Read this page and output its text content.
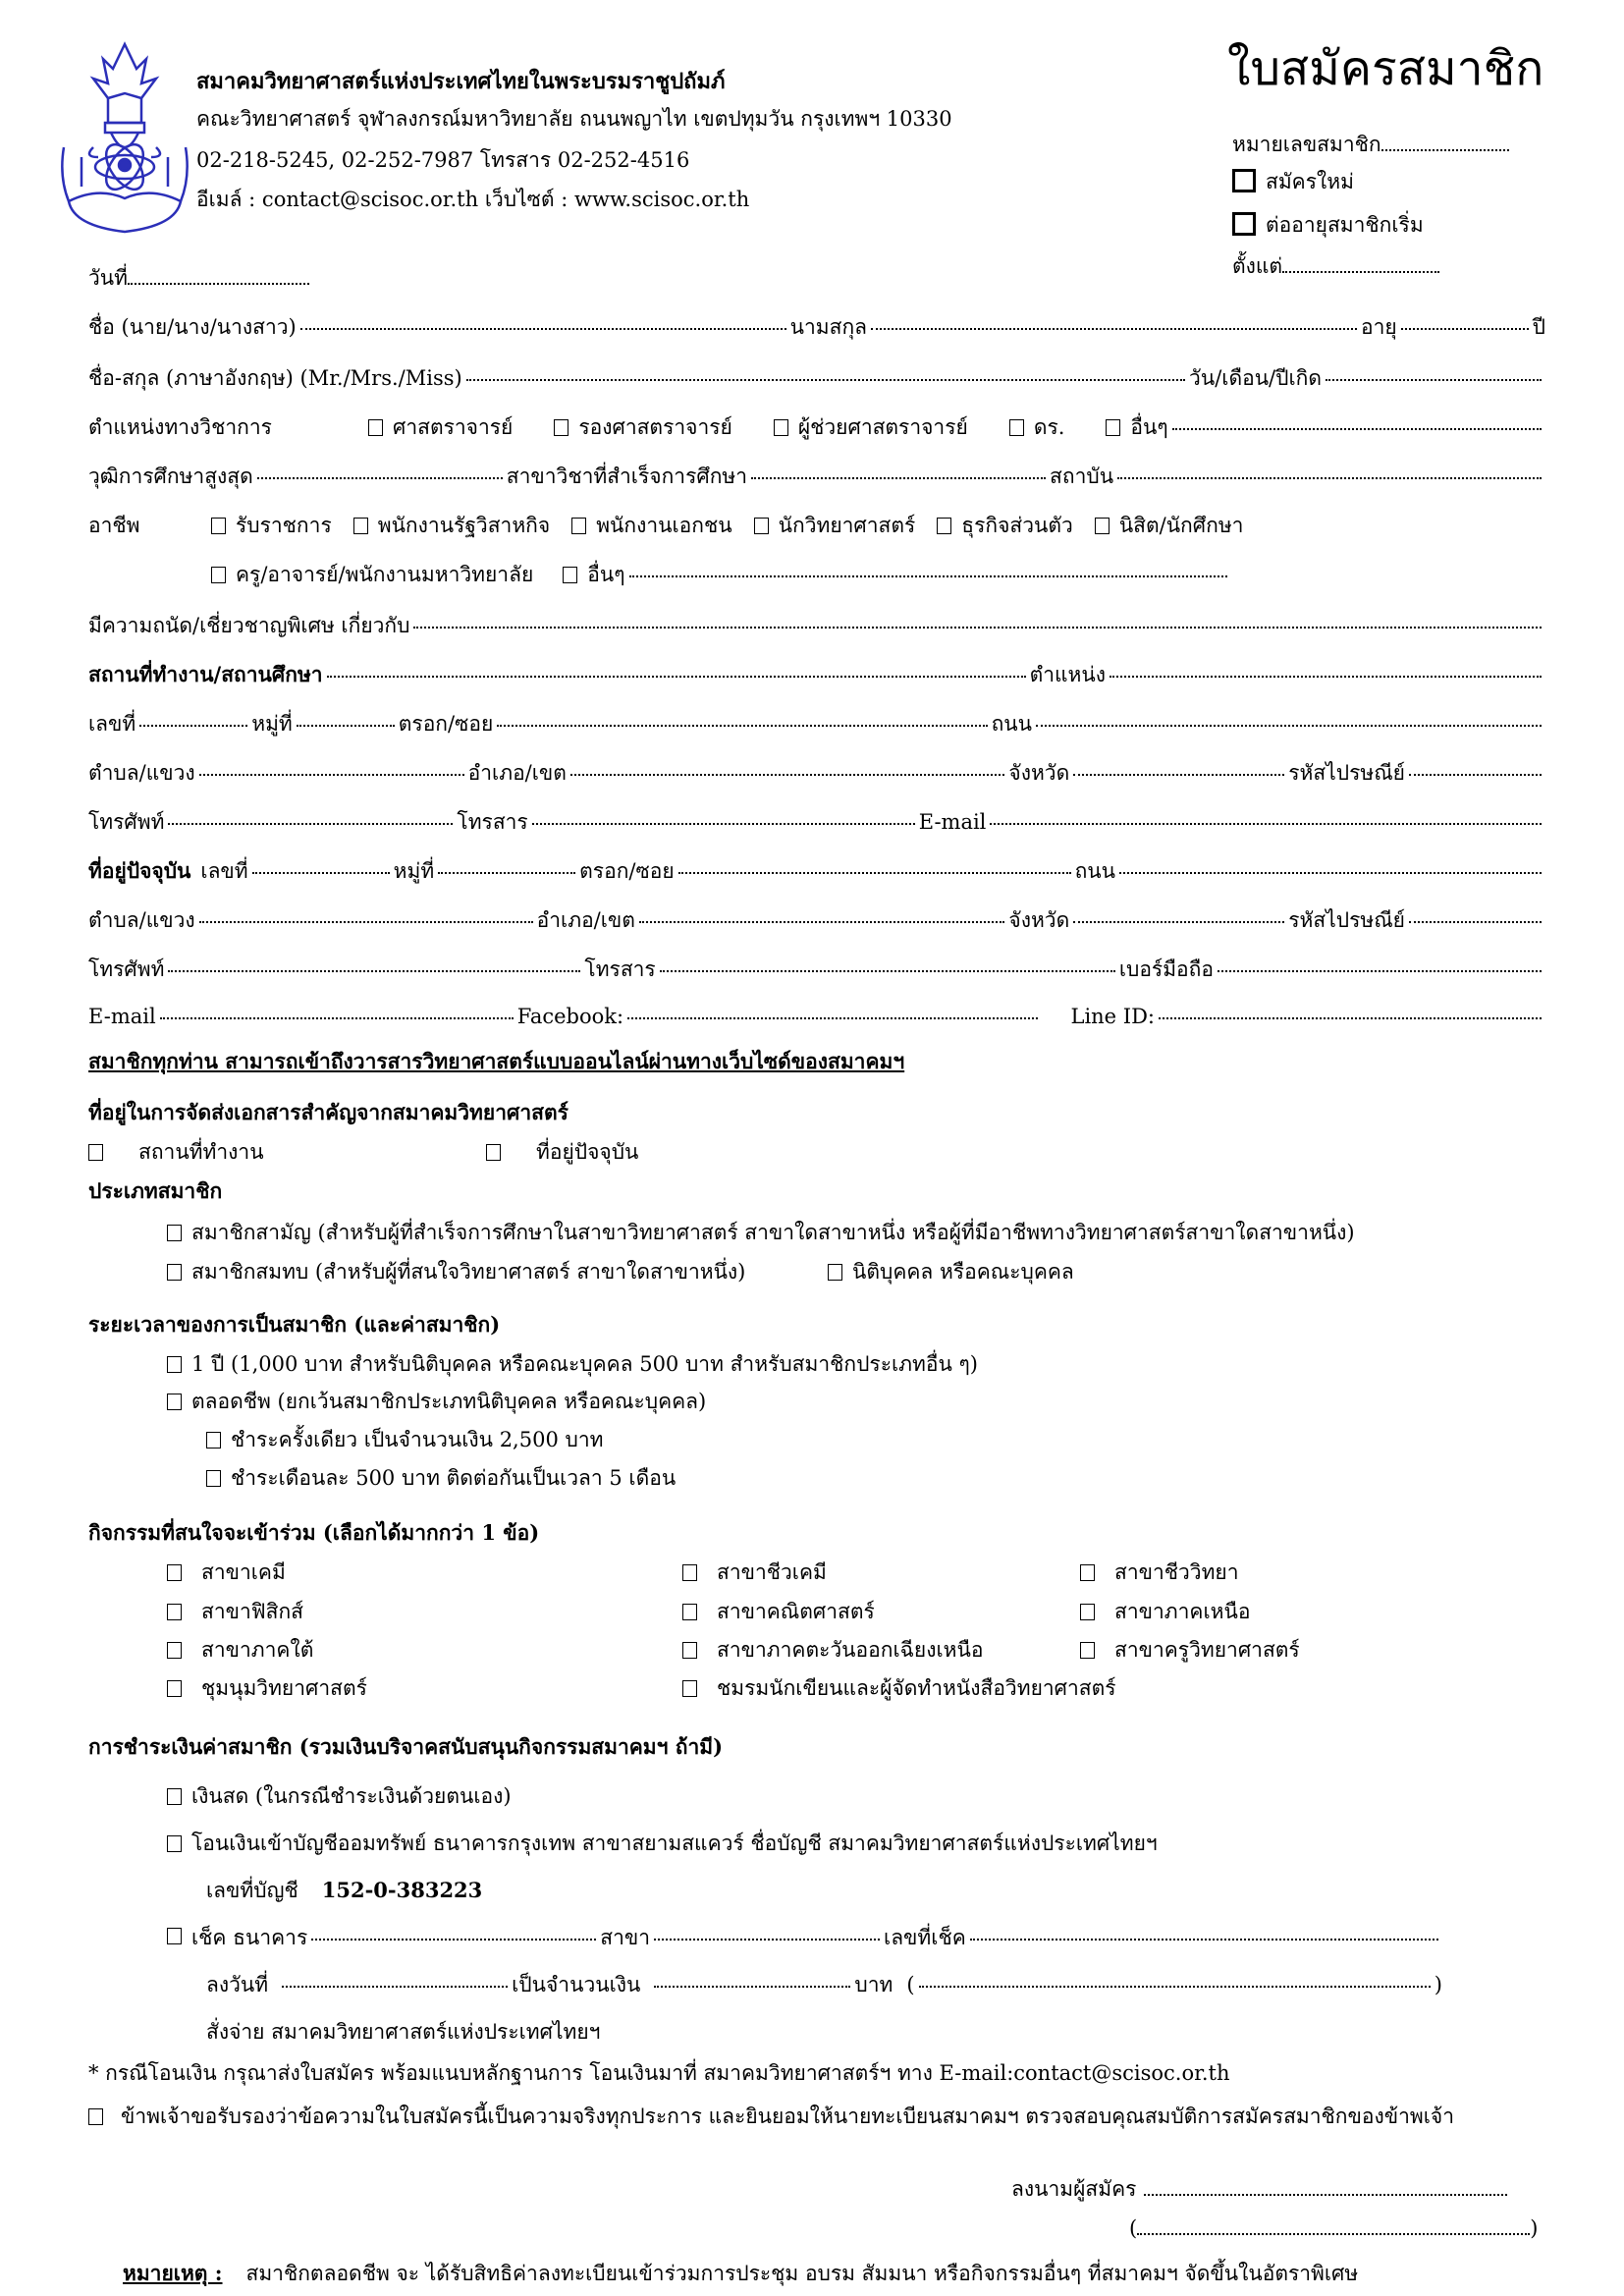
สมาคมวิทยาศาสตร์แห่งประเทศไทยในพระบรมราชูปถัมภ์
คณะวิทยาศาสตร์ จุฬาลงกรณ์มหาวิทยาลัย ถนนพญาไท เขตปทุมวัน กรุงเทพฯ 10330
02-218-5245, 02-252-7987 โทรสาร 02-252-4516
อีเมล์ : contact@scisoc.or.th เว็บไซต์ : www.scisoc.or.th
ใบสมัครสมาชิก
หมายเลขสมาชิก
สมัครใหม่
ต่ออายุสมาชิกเริ่ม
ตั้งแต่
วันที่
ชื่อ (นาย/นาง/นางสาว)	นามสกุล	อายุ	ปี
ชื่อ-สกุล (ภาษาอังกฤษ) (Mr./Mrs./Miss)	วัน/เดือน/ปีเกิด
ตำแหน่งทางวิชาการ	ศาสตราจารย์	รองศาสตราจารย์	ผู้ช่วยศาสตราจารย์	ดร.	อื่นๆ
วุฒิการศึกษาสูงสุด	สาขาวิชาที่สำเร็จการศึกษา	สถาบัน
อาชีพ	รับราชการ	พนักงานรัฐวิสาหกิจ	พนักงานเอกชน	นักวิทยาศาสตร์	ธุรกิจส่วนตัว	นิสิต/นักศึกษา
ครู/อาจารย์/พนักงานมหาวิทยาลัย	อื่นๆ
มีความถนัด/เชี่ยวชาญพิเศษ เกี่ยวกับ
สถานที่ทำงาน/สถานศึกษา	ตำแหน่ง
เลขที่	หมู่ที่	ตรอก/ซอย	ถนน
ตำบล/แขวง	อำเภอ/เขต	จังหวัด	รหัสไปรษณีย์
โทรศัพท์	โทรสาร	E-mail
ที่อยู่ปัจจุบัน เลขที่	หมู่ที่	ตรอก/ซอย	ถนน
ตำบล/แขวง	อำเภอ/เขต	จังหวัด	รหัสไปรษณีย์
โทรศัพท์	โทรสาร	เบอร์มือถือ
E-mail	Facebook:	Line ID:
สมาชิกทุกท่าน สามารถเข้าถึงวารสารวิทยาศาสตร์แบบออนไลน์ผ่านทางเว็บไซด์ของสมาคมฯ
ที่อยู่ในการจัดส่งเอกสารสำคัญจากสมาคมวิทยาศาสตร์
สถานที่ทำงาน	ที่อยู่ปัจจุบัน
ประเภทสมาชิก
สมาชิกสามัญ (สำหรับผู้ที่สำเร็จการศึกษาในสาขาวิทยาศาสตร์ สาขาใดสาขาหนึ่ง หรือผู้ที่มีอาชีพทางวิทยาศาสตร์สาขาใดสาขาหนึ่ง)
สมาชิกสมทบ (สำหรับผู้ที่สนใจวิทยาศาสตร์ สาขาใดสาขาหนึ่ง)	นิติบุคคล หรือคณะบุคคล
ระยะเวลาของการเป็นสมาชิก (และค่าสมาชิก)
1 ปี (1,000 บาท สำหรับนิติบุคคล หรือคณะบุคคล 500 บาท สำหรับสมาชิกประเภทอื่น ๆ)
ตลอดชีพ (ยกเว้นสมาชิกประเภทนิติบุคคล หรือคณะบุคคล)
ชำระครั้งเดียว เป็นจำนวนเงิน 2,500 บาท
ชำระเดือนละ 500 บาท ติดต่อกันเป็นเวลา 5 เดือน
กิจกรรมที่สนใจจะเข้าร่วม (เลือกได้มากกว่า 1 ข้อ)
สาขาเคมี	สาขาชีวเคมี	สาขาชีววิทยา
สาขาฟิสิกส์	สาขาคณิตศาสตร์	สาขาภาคเหนือ
สาขาภาคใต้	สาขาภาคตะวันออกเฉียงเหนือ	สาขาครูวิทยาศาสตร์
ชุมนุมวิทยาศาสตร์	ชมรมนักเขียนและผู้จัดทำหนังสือวิทยาศาสตร์
การชำระเงินค่าสมาชิก (รวมเงินบริจาคสนับสนุนกิจกรรมสมาคมฯ ถ้ามี)
เงินสด (ในกรณีชำระเงินด้วยตนเอง)
โอนเงินเข้าบัญชีออมทรัพย์ ธนาคารกรุงเทพ สาขาสยามสแควร์ ชื่อบัญชี สมาคมวิทยาศาสตร์แห่งประเทศไทยฯ
เลขที่บัญชี 152-0-383223
เช็ค ธนาคาร	สาขา	เลขที่เช็ค
ลงวันที่	เป็นจำนวนเงิน	บาท (	)
สั่งจ่าย สมาคมวิทยาศาสตร์แห่งประเทศไทยฯ
* กรณีโอนเงิน กรุณาส่งใบสมัคร พร้อมแนบหลักฐานการ โอนเงินมาที่ สมาคมวิทยาศาสตร์ฯ ทาง E-mail:contact@scisoc.or.th
ข้าพเจ้าขอรับรองว่าข้อความในใบสมัครนี้เป็นความจริงทุกประการ และยินยอมให้นายทะเบียนสมาคมฯ ตรวจสอบคุณสมบัติการสมัครสมาชิกของข้าพเจ้า
ลงนามผู้สมัคร
(	)
หมายเหตุ : สมาชิกตลอดชีพ จะ ได้รับสิทธิค่าลงทะเบียนเข้าร่วมการประชุม อบรม สัมมนา หรือกิจกรรมอื่นๆ ที่สมาคมฯ จัดขึ้นในอัตราพิเศษ
